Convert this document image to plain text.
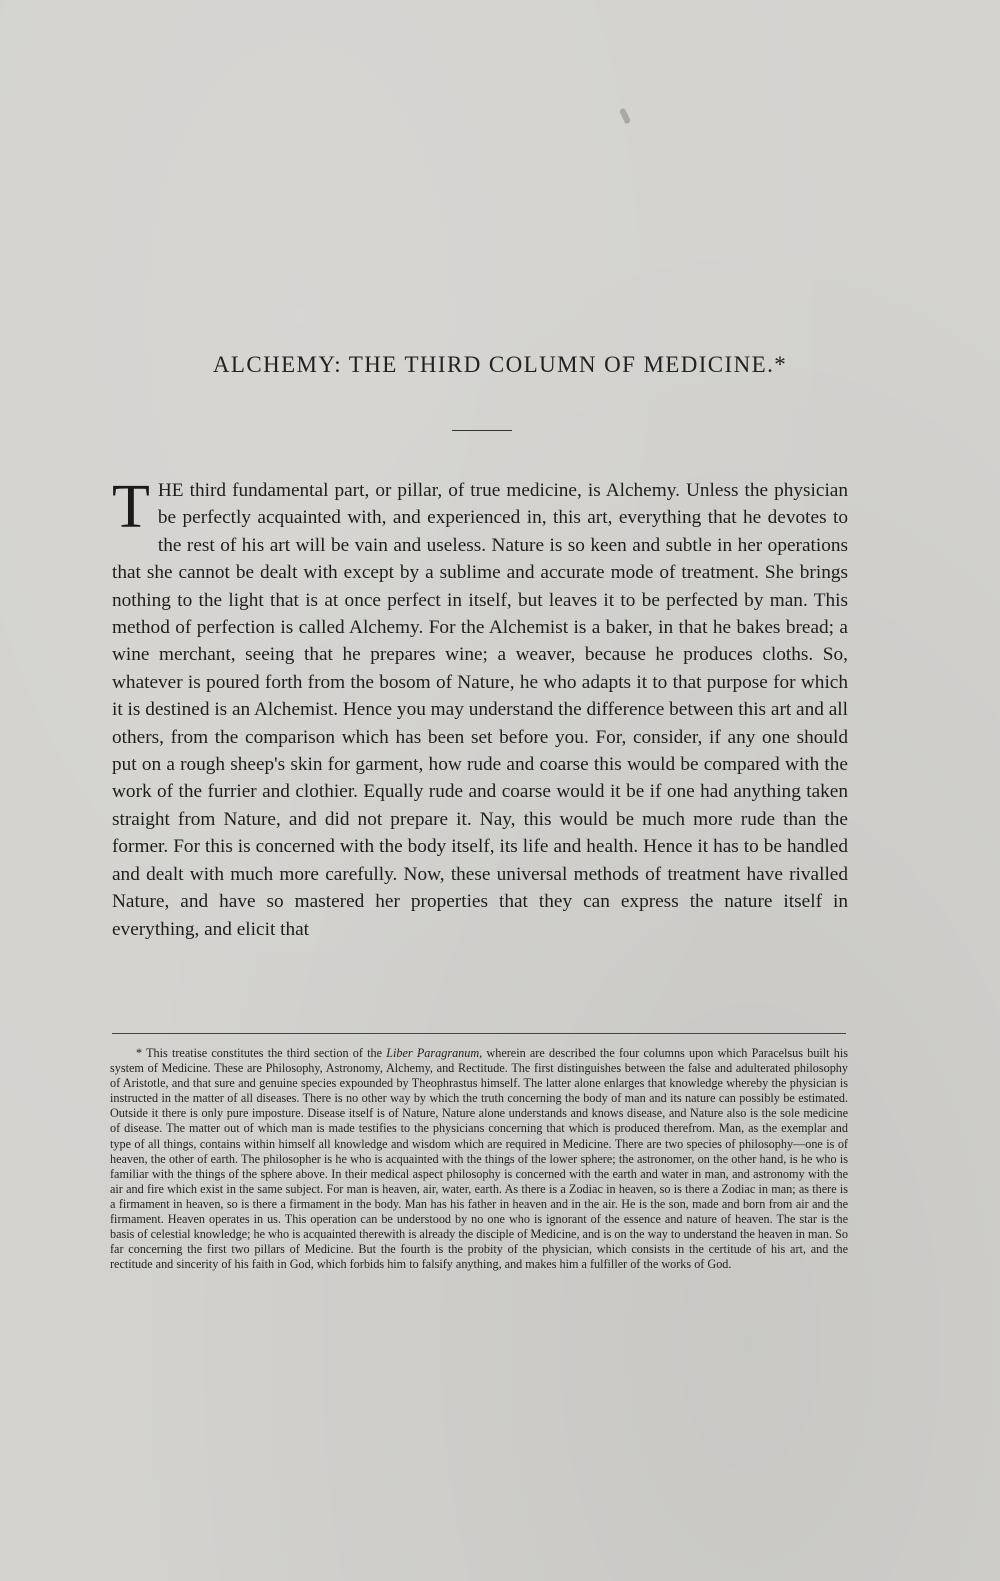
ALCHEMY: THE THIRD COLUMN OF MEDICINE.*

THE third fundamental part, or pillar, of true medicine, is Alchemy. Unless the physician be perfectly acquainted with, and experienced in, this art, everything that he devotes to the rest of his art will be vain and useless. Nature is so keen and subtle in her operations that she cannot be dealt with except by a sublime and accurate mode of treatment. She brings nothing to the light that is at once perfect in itself, but leaves it to be perfected by man. This method of perfection is called Alchemy. For the Alchemist is a baker, in that he bakes bread; a wine merchant, seeing that he prepares wine; a weaver, because he produces cloths. So, whatever is poured forth from the bosom of Nature, he who adapts it to that purpose for which it is destined is an Alchemist. Hence you may understand the difference between this art and all others, from the comparison which has been set before you. For, consider, if any one should put on a rough sheep's skin for garment, how rude and coarse this would be compared with the work of the furrier and clothier. Equally rude and coarse would it be if one had anything taken straight from Nature, and did not prepare it. Nay, this would be much more rude than the former. For this is concerned with the body itself, its life and health. Hence it has to be handled and dealt with much more carefully. Now, these universal methods of treatment have rivalled Nature, and have so mastered her properties that they can express the nature itself in everything, and elicit that

* This treatise constitutes the third section of the Liber Paragranum, wherein are described the four columns upon which Paracelsus built his system of Medicine. These are Philosophy, Astronomy, Alchemy, and Rectitude. The first distinguishes between the false and adulterated philosophy of Aristotle, and that sure and genuine species expounded by Theophrastus himself. The latter alone enlarges that knowledge whereby the physician is instructed in the matter of all diseases. There is no other way by which the truth concerning the body of man and its nature can possibly be estimated. Outside it there is only pure imposture. Disease itself is of Nature, Nature alone understands and knows disease, and Nature also is the sole medicine of disease. The matter out of which man is made testifies to the physicians concerning that which is produced therefrom. Man, as the exemplar and type of all things, contains within himself all knowledge and wisdom which are required in Medicine. There are two species of philosophy—one is of heaven, the other of earth. The philosopher is he who is acquainted with the things of the lower sphere; the astronomer, on the other hand, is he who is familiar with the things of the sphere above. In their medical aspect philosophy is concerned with the earth and water in man, and astronomy with the air and fire which exist in the same subject. For man is heaven, air, water, earth. As there is a Zodiac in heaven, so is there a Zodiac in man; as there is a firmament in heaven, so is there a firmament in the body. Man has his father in heaven and in the air. He is the son, made and born from air and the firmament. Heaven operates in us. This operation can be understood by no one who is ignorant of the essence and nature of heaven. The star is the basis of celestial knowledge; he who is acquainted therewith is already the disciple of Medicine, and is on the way to understand the heaven in man. So far concerning the first two pillars of Medicine. But the fourth is the probity of the physician, which consists in the certitude of his art, and the rectitude and sincerity of his faith in God, which forbids him to falsify anything, and makes him a fulfiller of the works of God.
